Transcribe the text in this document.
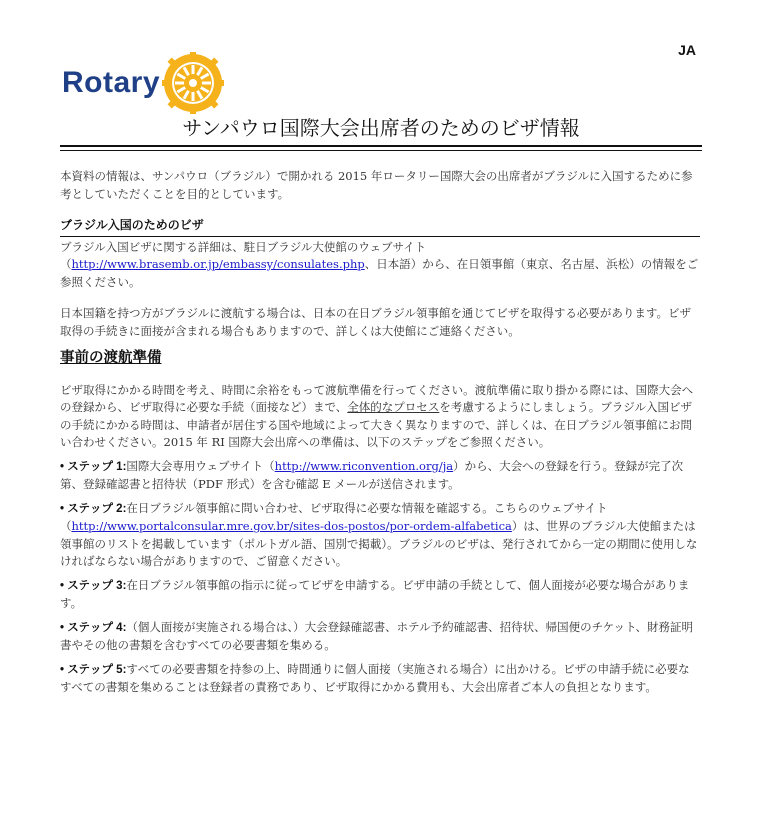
JA
Rotary
サンパウロ国際大会出席者のためのビザ情報

本資料の情報は、サンパウロ（ブラジル）で開かれる 2015 年ロータリー国際大会の出席者がブラジルに入国するために参考としていただくことを目的としています。

ブラジル入国のためのビザ

ブラジル入国ビザに関する詳細は、駐日ブラジル大使館のウェブサイト
（http://www.brasemb.or.jp/embassy/consulates.php、日本語）から、在日領事館（東京、名古屋、浜松）の情報をご参照ください。

日本国籍を持つ方がブラジルに渡航する場合は、日本の在日ブラジル領事館を通じてビザを取得する必要があります。ビザ取得の手続きに面接が含まれる場合もありますので、詳しくは大使館にご連絡ください。

事前の渡航準備

ビザ取得にかかる時間を考え、時間に余裕をもって渡航準備を行ってください。渡航準備に取り掛かる際には、国際大会への登録から、ビザ取得に必要な手続（面接など）まで、全体的なプロセスを考慮するようにしましょう。ブラジル入国ビザの手続にかかる時間は、申請者が居住する国や地域によって大きく異なりますので、詳しくは、在日ブラジル領事館にお問い合わせください。2015 年 RI 国際大会出席への準備は、以下のステップをご参照ください。

• ステップ 1:国際大会専用ウェブサイト（http://www.riconvention.org/ja）から、大会への登録を行う。登録が完了次第、登録確認書と招待状（PDF 形式）を含む確認 E メールが送信されます。

• ステップ 2:在日ブラジル領事館に問い合わせ、ビザ取得に必要な情報を確認する。こちらのウェブサイト（http://www.portalconsular.mre.gov.br/sites-dos-postos/por-ordem-alfabetica）は、世界のブラジル大使館または領事館のリストを掲載しています（ポルトガル語、国別で掲載）。ブラジルのビザは、発行されてから一定の期間に使用しなければならない場合がありますので、ご留意ください。

• ステップ 3:在日ブラジル領事館の指示に従ってビザを申請する。ビザ申請の手続として、個人面接が必要な場合があります。

• ステップ 4:（個人面接が実施される場合は、）大会登録確認書、ホテル予約確認書、招待状、帰国便のチケット、財務証明書やその他の書類を含むすべての必要書類を集める。

• ステップ 5:すべての必要書類を持参の上、時間通りに個人面接（実施される場合）に出かける。ビザの申請手続に必要なすべての書類を集めることは登録者の責務であり、ビザ取得にかかる費用も、大会出席者ご本人の負担となります。
